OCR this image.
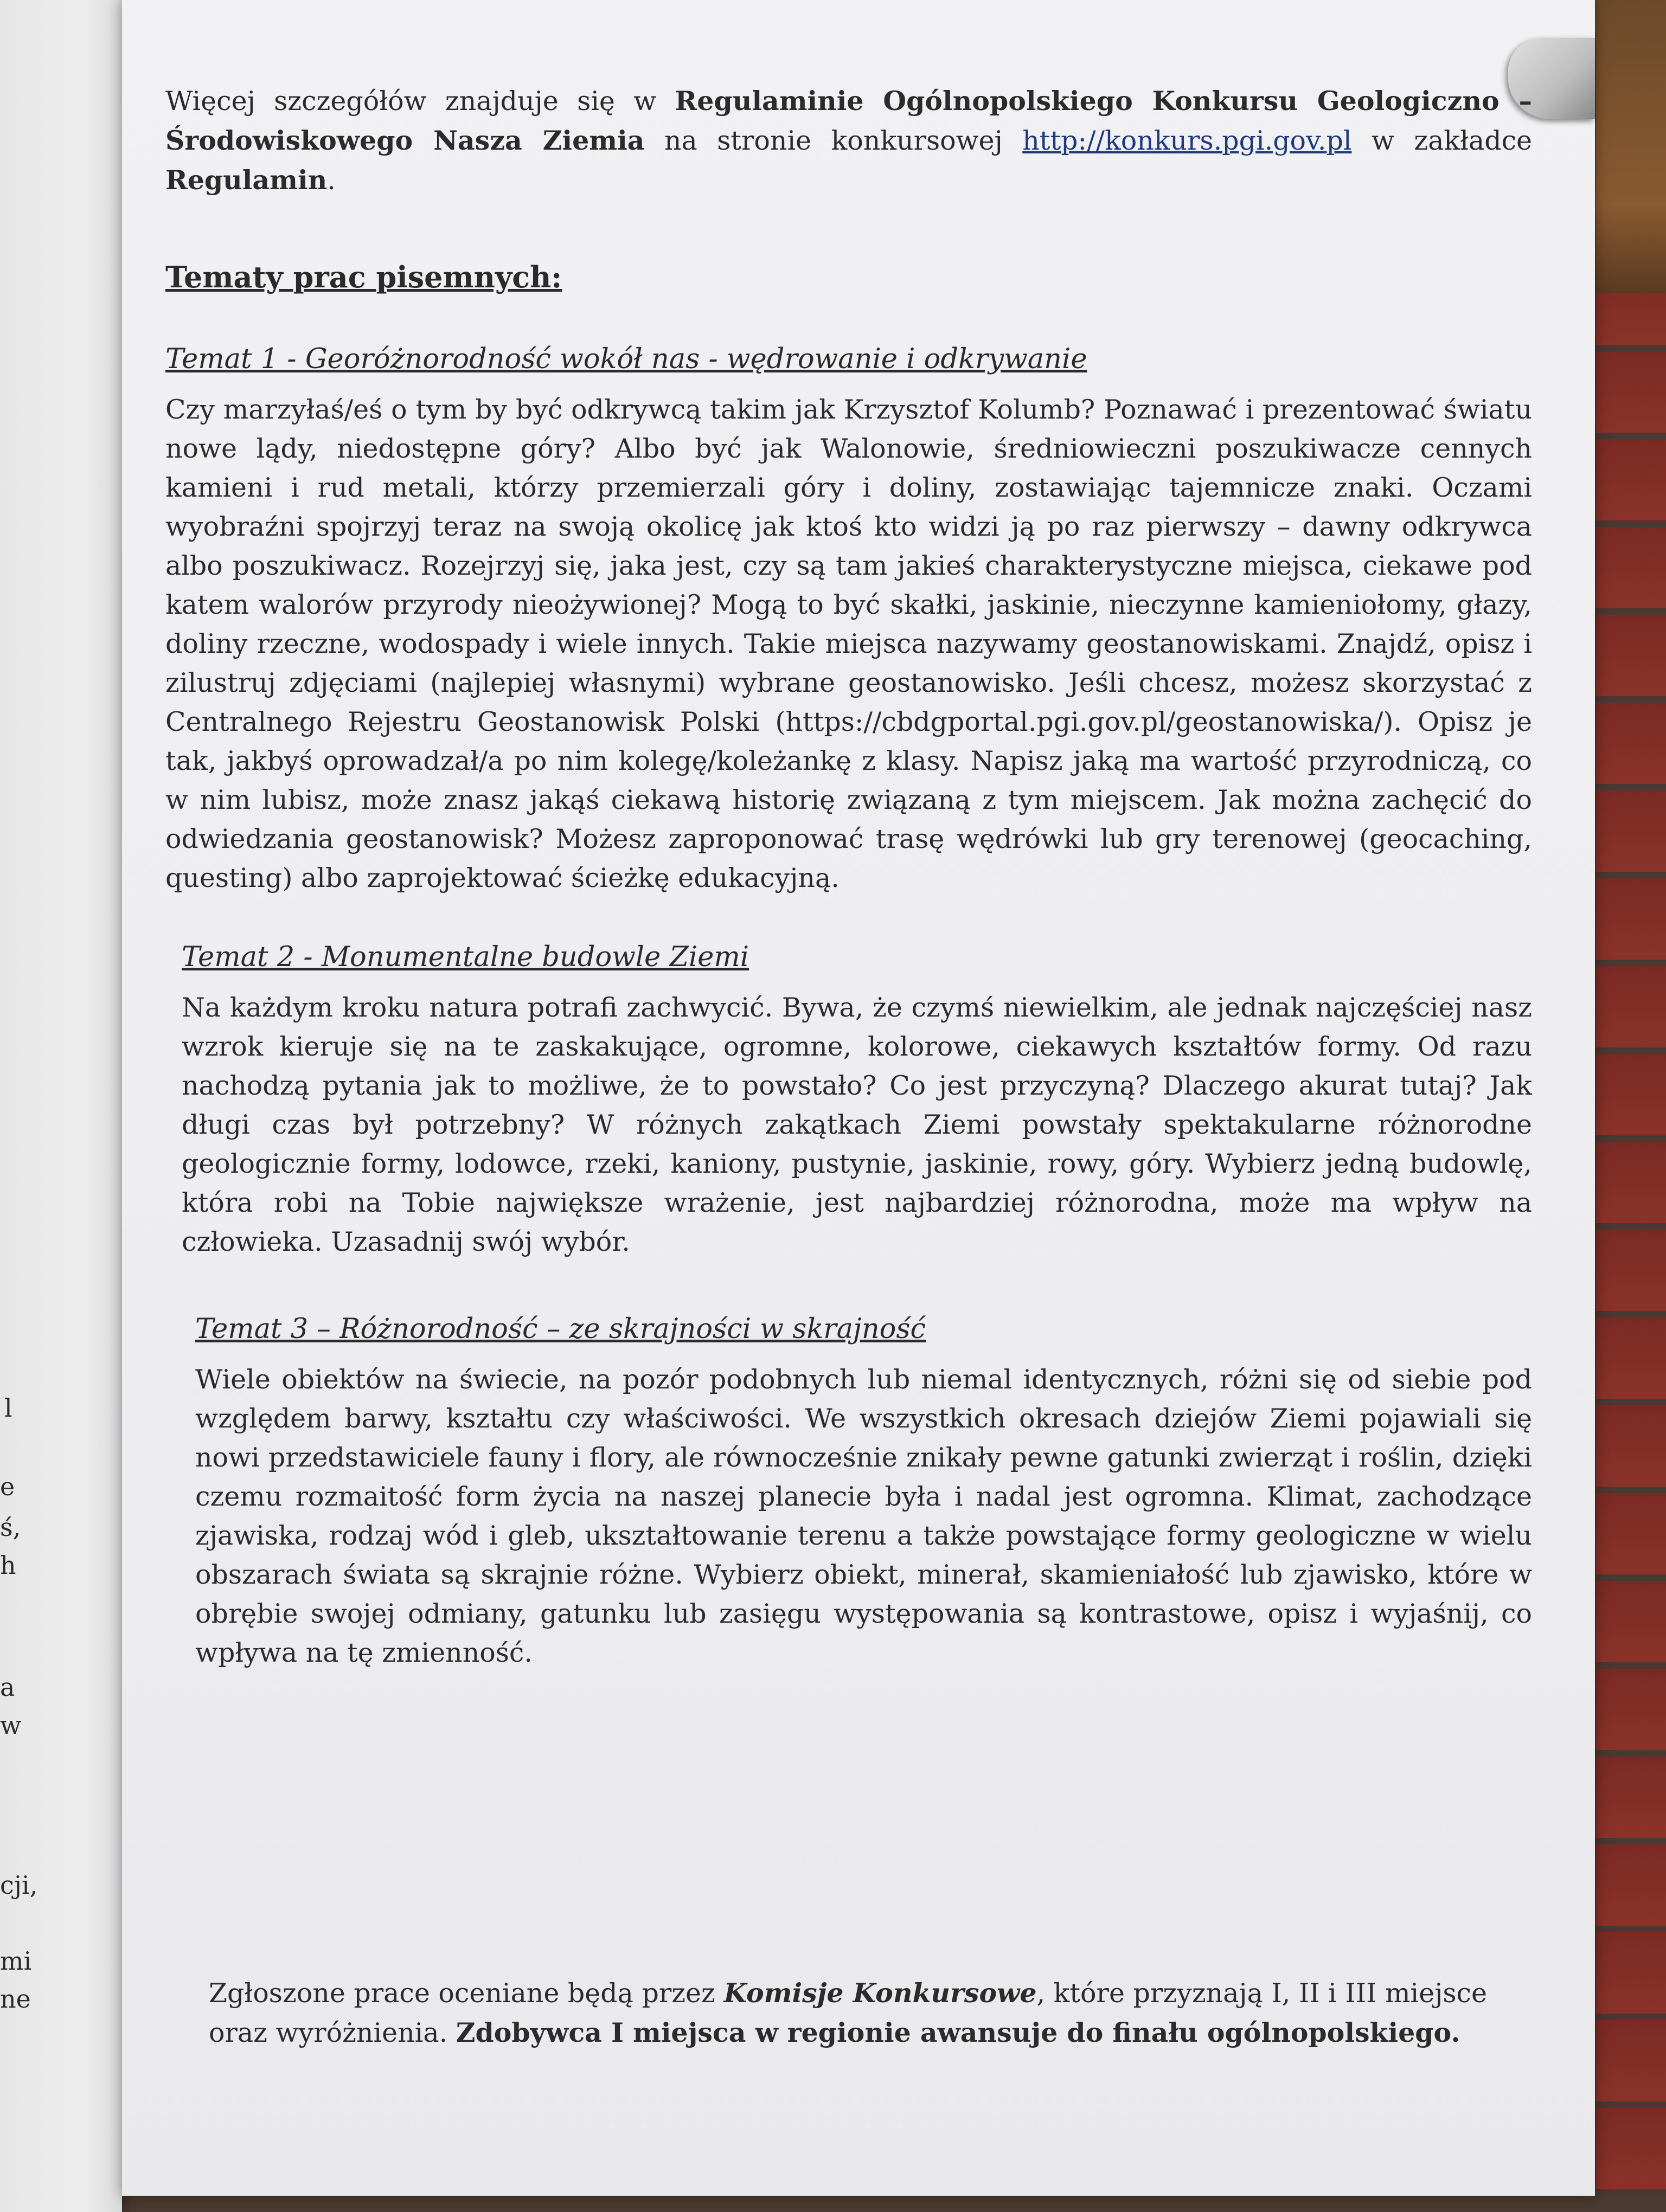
l
e
ś,
h
a
w
cji,
mi
ne

Więcej szczegółów znajduje się w Regulaminie Ogólnopolskiego Konkursu Geologiczno – Środowiskowego Nasza Ziemia na stronie konkursowej http://konkurs.pgi.gov.pl w zakładce Regulamin.

Tematy prac pisemnych:
Temat 1 - Georóżnorodność wokół nas - wędrowanie i odkrywanie

Czy marzyłaś/eś o tym by być odkrywcą takim jak Krzysztof Kolumb? Poznawać i prezentować światu nowe lądy, niedostępne góry? Albo być jak Walonowie, średniowieczni poszukiwacze cennych kamieni i rud metali, którzy przemierzali góry i doliny, zostawiając tajemnicze znaki. Oczami wyobraźni spojrzyj teraz na swoją okolicę jak ktoś kto widzi ją po raz pierwszy – dawny odkrywca albo poszukiwacz. Rozejrzyj się, jaka jest, czy są tam jakieś charakterystyczne miejsca, ciekawe pod katem walorów przyrody nieożywionej? Mogą to być skałki, jaskinie, nieczynne kamieniołomy, głazy, doliny rzeczne, wodospady i wiele innych. Takie miejsca nazywamy geostanowiskami. Znajdź, opisz i zilustruj zdjęciami (najlepiej własnymi) wybrane geostanowisko. Jeśli chcesz, możesz skorzystać z Centralnego Rejestru Geostanowisk Polski (https://cbdgportal.pgi.gov.pl/geostanowiska/). Opisz je tak, jakbyś oprowadzał/a po nim kolegę/koleżankę z klasy. Napisz jaką ma wartość przyrodniczą, co w nim lubisz, może znasz jakąś ciekawą historię związaną z tym miejscem. Jak można zachęcić do odwiedzania geostanowisk? Możesz zaproponować trasę wędrówki lub gry terenowej (geocaching, questing) albo zaprojektować ścieżkę edukacyjną.

Temat 2 - Monumentalne budowle Ziemi

Na każdym kroku natura potrafi zachwycić. Bywa, że czymś niewielkim, ale jednak najczęściej nasz wzrok kieruje się na te zaskakujące, ogromne, kolorowe, ciekawych kształtów formy. Od razu nachodzą pytania jak to możliwe, że to powstało? Co jest przyczyną? Dlaczego akurat tutaj? Jak długi czas był potrzebny? W różnych zakątkach Ziemi powstały spektakularne różnorodne geologicznie formy, lodowce, rzeki, kaniony, pustynie, jaskinie, rowy, góry. Wybierz jedną budowlę, która robi na Tobie największe wrażenie, jest najbardziej różnorodna, może ma wpływ na człowieka. Uzasadnij swój wybór.

Temat 3 – Różnorodność – ze skrajności w skrajność

Wiele obiektów na świecie, na pozór podobnych lub niemal identycznych, różni się od siebie pod względem barwy, kształtu czy właściwości. We wszystkich okresach dziejów Ziemi pojawiali się nowi przedstawiciele fauny i flory, ale równocześnie znikały pewne gatunki zwierząt i roślin, dzięki czemu rozmaitość form życia na naszej planecie była i nadal jest ogromna. Klimat, zachodzące zjawiska, rodzaj wód i gleb, ukształtowanie terenu a także powstające formy geologiczne w wielu obszarach świata są skrajnie różne. Wybierz obiekt, minerał, skamieniałość lub zjawisko, które w obrębie swojej odmiany, gatunku lub zasięgu występowania są kontrastowe, opisz i wyjaśnij, co wpływa na tę zmienność.

Zgłoszone prace oceniane będą przez Komisje Konkursowe, które przyznają I, II i III miejsce oraz wyróżnienia. Zdobywca I miejsca w regionie awansuje do finału ogólnopolskiego.
